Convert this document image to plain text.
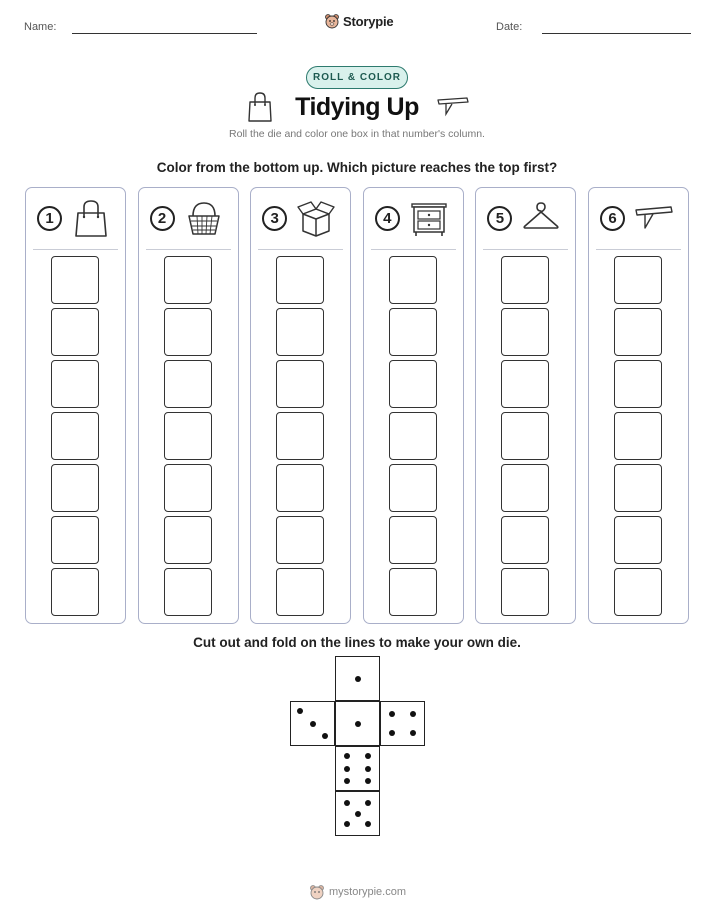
Name:	Storypie	Date:
ROLL & COLOR
Tidying Up
Roll the die and color one box in that number's column.
Color from the bottom up. Which picture reaches the top first?
1	2	3	4	5	6
Cut out and fold on the lines to make your own die.
mystorypie.com
